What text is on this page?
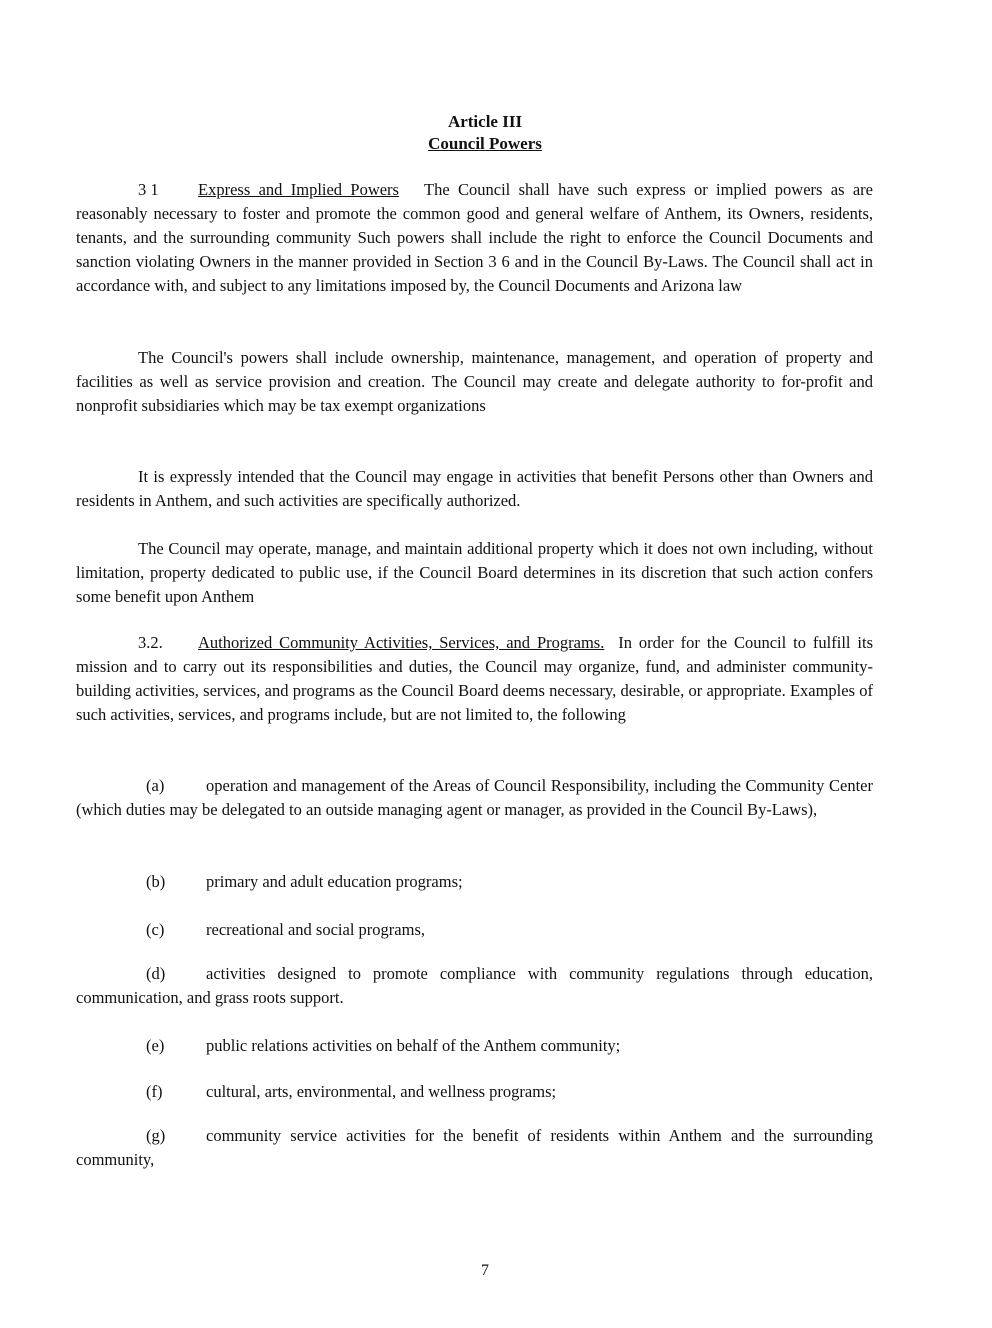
Article III
Council Powers

3 1 Express and Implied Powers The Council shall have such express or implied powers as are reasonably necessary to foster and promote the common good and general welfare of Anthem, its Owners, residents, tenants, and the surrounding community Such powers shall include the right to enforce the Council Documents and sanction violating Owners in the manner provided in Section 3 6 and in the Council By-Laws. The Council shall act in accordance with, and subject to any limitations imposed by, the Council Documents and Arizona law

The Council's powers shall include ownership, maintenance, management, and operation of property and facilities as well as service provision and creation. The Council may create and delegate authority to for-profit and nonprofit subsidiaries which may be tax exempt organizations

It is expressly intended that the Council may engage in activities that benefit Persons other than Owners and residents in Anthem, and such activities are specifically authorized.

The Council may operate, manage, and maintain additional property which it does not own including, without limitation, property dedicated to public use, if the Council Board determines in its discretion that such action confers some benefit upon Anthem

3.2. Authorized Community Activities, Services, and Programs. In order for the Council to fulfill its mission and to carry out its responsibilities and duties, the Council may organize, fund, and administer community-building activities, services, and programs as the Council Board deems necessary, desirable, or appropriate. Examples of such activities, services, and programs include, but are not limited to, the following

(a)	operation and management of the Areas of Council Responsibility, including the Community Center (which duties may be delegated to an outside managing agent or manager, as provided in the Council By-Laws),

(b) primary and adult education programs;

(c)	recreational and social programs,

(d) activities designed to promote compliance with community regulations through education, communication, and grass roots support.

(e)	public relations activities on behalf of the Anthem community;

(f)	cultural, arts, environmental, and wellness programs;

(g) community service activities for the benefit of residents within Anthem and the surrounding community,

7
